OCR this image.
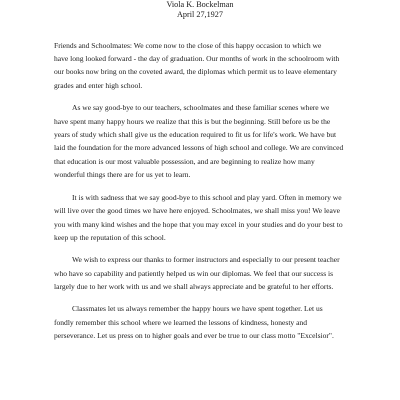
Viola K. Bockelman
April 27,1927

Friends and Schoolmates: We come now to the close of this happy occasion to which we
have long looked forward - the day of graduation. Our months of work in the schoolroom with
our books now bring on the coveted award, the diplomas which permit us to leave elementary
grades and enter high school.

As we say good-bye to our teachers, schoolmates and these familiar scenes where we
have spent many happy hours we realize that this is but the beginning. Still before us be the
years of study which shall give us the education required to fit us for life's work. We have but
laid the foundation for the more advanced lessons of high school and college. We are convinced
that education is our most valuable possession, and are beginning to realize how many
wonderful things there are for us yet to learn.

It is with sadness that we say good-bye to this school and play yard. Often in memory we
will live over the good times we have here enjoyed. Schoolmates, we shall miss you! We leave
you with many kind wishes and the hope that you may excel in your studies and do your best to
keep up the reputation of this school.

We wish to express our thanks to former instructors and especially to our present teacher
who have so capability and patiently helped us win our diplomas. We feel that our success is
largely due to her work with us and we shall always appreciate and be grateful to her efforts.

Classmates let us always remember the happy hours we have spent together. Let us
fondly remember this school where we learned the lessons of kindness, honesty and
perseverance. Let us press on to higher goals and ever be true to our class motto "Excelsior".
